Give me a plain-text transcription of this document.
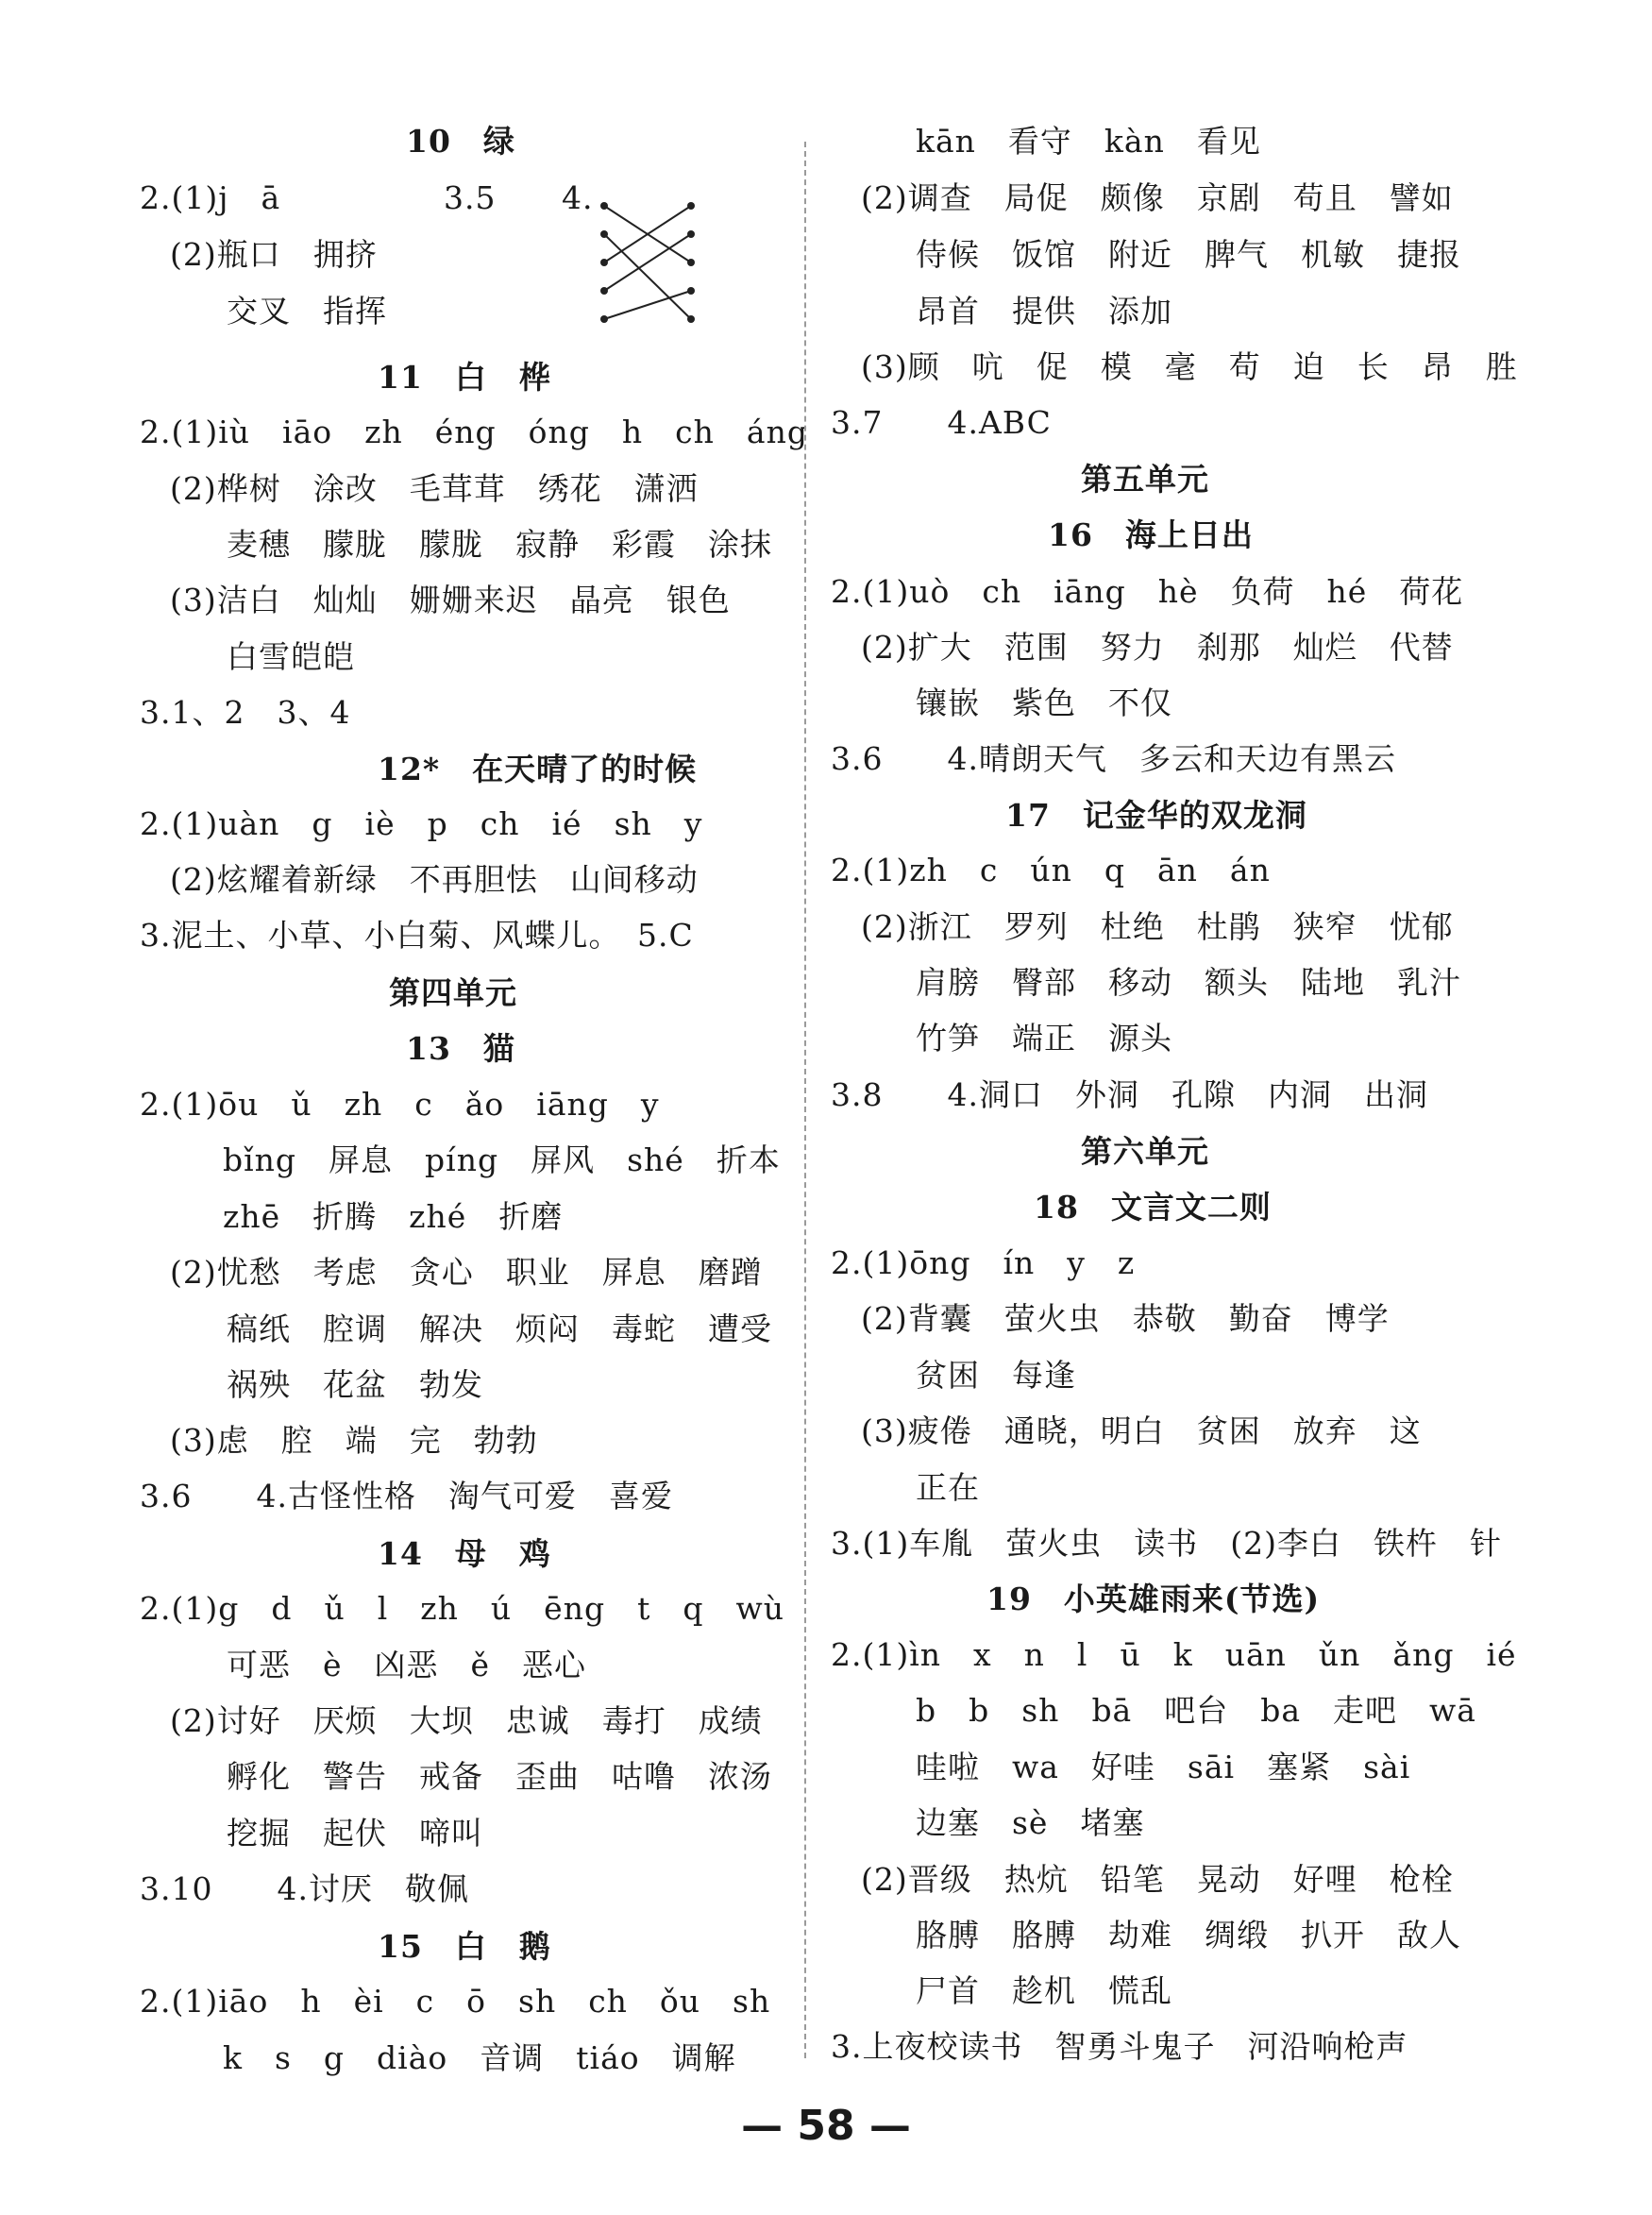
10　绿
2.(1)j　ā	3.5 4.
(2)瓶口　拥挤
交叉　指挥
11　白　桦
2.(1)iù　iāo　zh　éng　óng　h　ch　áng
(2)桦树　涂改　毛茸茸　绣花　潇洒
麦穗　朦胧　朦胧　寂静　彩霞　涂抹
(3)洁白　灿灿　姗姗来迟　晶亮　银色
白雪皑皑
3.1、2　3、4
12*　在天晴了的时候
2.(1)uàn　g　iè　p　ch　ié　sh　y
(2)炫耀着新绿　不再胆怯　山间移动
3.泥土、小草、小白菊、风蝶儿。　5.C
第四单元
13　猫
2.(1)ōu　ǔ　zh　c　ǎo　iāng　y
bǐng　屏息　píng　屏风　shé　折本
zhē　折腾　zhé　折磨
(2)忧愁　考虑　贪心　职业　屏息　磨蹭
稿纸　腔调　解决　烦闷　毒蛇　遭受
祸殃　花盆　勃发
(3)虑　腔　端　完　勃勃
3.6　　4.古怪性格　淘气可爱　喜爱
14　母　鸡
2.(1)g　d　ǔ　l　zh　ú　ēng　t　q　wù
可恶　è　凶恶　ě　恶心
(2)讨好　厌烦　大坝　忠诚　毒打　成绩
孵化　警告　戒备　歪曲　咕噜　浓汤
挖掘　起伏　啼叫
3.10　　4.讨厌　敬佩
15　白　鹅
2.(1)iāo　h　èi　c　ō　sh　ch　ǒu　sh
k　s　g　diào　音调　tiáo　调解
kān　看守　kàn　看见
(2)调查　局促　颇像　京剧　苟且　譬如
侍候　饭馆　附近　脾气　机敏　捷报
昂首　提供　添加
(3)顾　吭　促　模　毫　苟　迫　长　昂　胜
3.7　　4.ABC
第五单元
16　海上日出
2.(1)uò　ch　iāng　hè　负荷　hé　荷花
(2)扩大　范围　努力　刹那　灿烂　代替
镶嵌　紫色　不仅
3.6　　4.晴朗天气　多云和天边有黑云
17　记金华的双龙洞
2.(1)zh　c　ún　q　ān　án
(2)浙江　罗列　杜绝　杜鹃　狭窄　忧郁
肩膀　臀部　移动　额头　陆地　乳汁
竹笋　端正　源头
3.8　　4.洞口　外洞　孔隙　内洞　出洞
第六单元
18　文言文二则
2.(1)ōng　ín　y　z
(2)背囊　萤火虫　恭敬　勤奋　博学
贫困　每逢
(3)疲倦　通晓，明白　贫困　放弃　这
正在
3.(1)车胤　萤火虫　读书　(2)李白　铁杵　针
19　小英雄雨来(节选)
2.(1)ìn　x　n　l　ū　k　uān　ǔn　ǎng　ié
b　b　sh　bā　吧台　ba　走吧　wā
哇啦　wa　好哇　sāi　塞紧　sài
边塞　sè　堵塞
(2)晋级　热炕　铅笔　晃动　好哩　枪栓
胳膊　胳膊　劫难　绸缎　扒开　敌人
尸首　趁机　慌乱
3.上夜校读书　智勇斗鬼子　河沿响枪声
— 58 —
